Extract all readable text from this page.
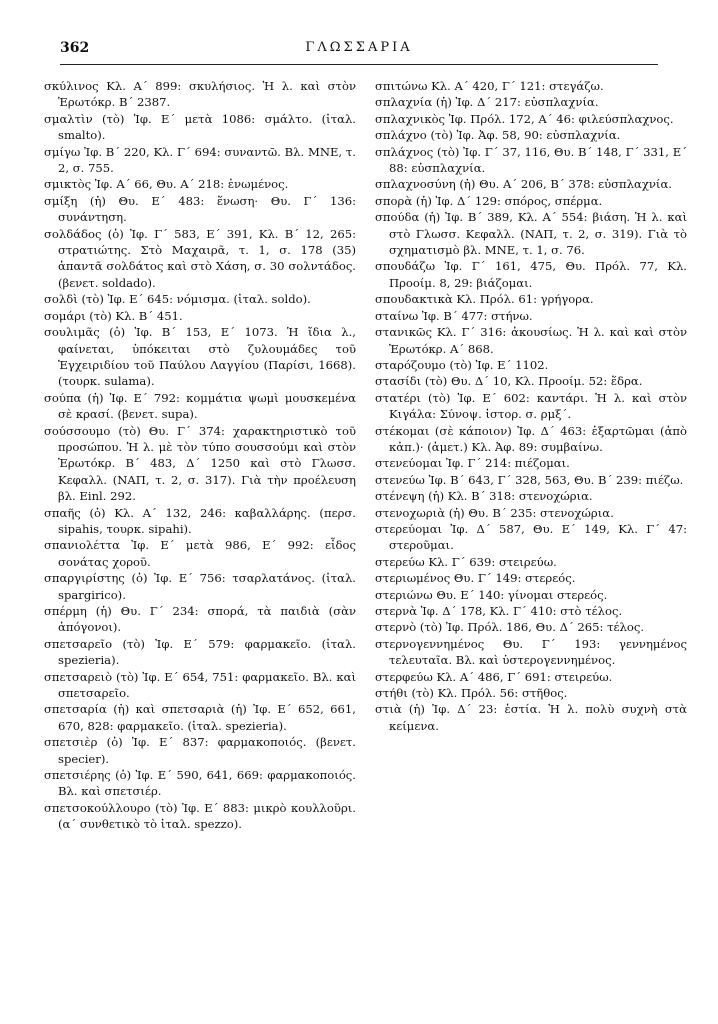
362	ΓΛΩΣΣΑΡΙΑ

σκύλινος Κλ. Α΄ 899: σκυλήσιος. Ἡ λ. καὶ στὸν Ἐρωτόκρ. Β΄ 2387.

σμαλτὶν (τὸ) Ἰφ. Ε΄ μετὰ 1086: σμάλτο. (ἰταλ. smalto).

σμίγω Ἰφ. Β΄ 220, Κλ. Γ΄ 694: συναντῶ. Βλ. ΜΝΕ, τ. 2, σ. 755.

σμικτὸς Ἰφ. Α΄ 66, Θυ. Α΄ 218: ἑνωμένος.

σμίξη (ἡ) Θυ. Ε΄ 483: ἕνωση· Θυ. Γ΄ 136: συνάντηση.

σολδάδος (ὁ) Ἰφ. Γ΄ 583, Ε΄ 391, Κλ. Β΄ 12, 265: στρατιώτης. Στὸ Μαχαιρᾶ, τ. 1, σ. 178 (35) ἀπαντᾶ σολδάτος καὶ στὸ Χάση, σ. 30 σολντάδος. (βενετ. soldado).

σολδὶ (τὸ) Ἰφ. Ε΄ 645: νόμισμα. (ἰταλ. soldo).

σομάρι (τὸ) Κλ. Β΄ 451.

σουλιμᾶς (ὁ) Ἰφ. Β΄ 153, Ε΄ 1073. Ἡ ἴδια λ., φαίνεται, ὑπόκειται στὸ ζυλουμάδες τοῦ Ἐγχειριδίου τοῦ Παύλου Λαγγίου (Παρίσι, 1668). (τουρκ. sulama).

σούπα (ἡ) Ἰφ. Ε΄ 792: κομμάτια ψωμὶ μουσκεμένα σὲ κρασί. (βενετ. supa).

σούσσουμο (τὸ) Θυ. Γ΄ 374: χαρακτηριστικὸ τοῦ προσώπου. Ἡ λ. μὲ τὸν τύπο σουσσούμι καὶ στὸν Ἐρωτόκρ. Β΄ 483, Δ΄ 1250 καὶ στὸ Γλωσσ. Κεφαλλ. (ΝΑΠ, τ. 2, σ. 317). Γιὰ τὴν προέλευση βλ. Einl. 292.

σπαῆς (ὁ) Κλ. Α΄ 132, 246: καβαλλάρης. (περσ. sipahis, τουρκ. sipahi).

σπανιολέττα Ἰφ. Ε΄ μετὰ 986, Ε΄ 992: εἶδος σονάτας χοροῦ.

σπαργιρίστης (ὁ) Ἰφ. Ε΄ 756: τσαρλατάνος. (ἰταλ. spargirico).

σπέρμη (ἡ) Θυ. Γ΄ 234: σπορά, τὰ παιδιὰ (σὰν ἀπόγονοι).

σπετσαρεῖο (τὸ) Ἰφ. Ε΄ 579: φαρμακεῖο. (ἰταλ. spezieria).

σπετσαρειὸ (τὸ) Ἰφ. Ε΄ 654, 751: φαρμακεῖο. Βλ. καὶ σπετσαρεῖο.

σπετσαρία (ἡ) καὶ σπετσαριὰ (ἡ) Ἰφ. Ε΄ 652, 661, 670, 828: φαρμακεῖο. (ἰταλ. spezieria).

σπετσιὲρ (ὁ) Ἰφ. Ε΄ 837: φαρμακοποιός. (βενετ. specier).

σπετσιέρης (ὁ) Ἰφ. Ε΄ 590, 641, 669: φαρμακοποιός. Βλ. καὶ σπετσιέρ.

σπετσοκούλλουρο (τὸ) Ἰφ. Ε΄ 883: μικρὸ κουλλοῦρι. (α΄ συνθετικὸ τὸ ἰταλ. spezzo).

σπιτώνω Κλ. Α΄ 420, Γ΄ 121: στεγάζω.

σπλαχνία (ἡ) Ἰφ. Δ΄ 217: εὐσπλαχνία.

σπλαχνικὸς Ἰφ. Πρόλ. 172, Α΄ 46: φιλεύσπλαχνος.

σπλάχνο (τὸ) Ἰφ. Ἀφ. 58, 90: εὐσπλαχνία.

σπλάχνος (τὸ) Ἰφ. Γ΄ 37, 116, Θυ. Β΄ 148, Γ΄ 331, Ε΄ 88: εὐσπλαχνία.

σπλαχνοσύνη (ἡ) Θυ. Α΄ 206, Β΄ 378: εὐσπλαχνία.

σπορὰ (ἡ) Ἰφ. Δ΄ 129: σπόρος, σπέρμα.

σπούδα (ἡ) Ἰφ. Β΄ 389, Κλ. Α΄ 554: βιάση. Ἡ λ. καὶ στὸ Γλωσσ. Κεφαλλ. (ΝΑΠ, τ. 2, σ. 319). Γιὰ τὸ σχηματισμὸ βλ. ΜΝΕ, τ. 1, σ. 76.

σπουδάζω Ἰφ. Γ΄ 161, 475, Θυ. Πρόλ. 77, Κλ. Προοίμ. 8, 29: βιάζομαι.

σπουδακτικὰ Κλ. Πρόλ. 61: γρήγορα.

σταίνω Ἰφ. Β΄ 477: στήνω.

στανικῶς Κλ. Γ΄ 316: ἀκουσίως. Ἡ λ. καὶ καὶ στὸν Ἐρωτόκρ. Α΄ 868.

σταρόζουμο (τὸ) Ἰφ. Ε΄ 1102.

στασίδι (τὸ) Θυ. Δ΄ 10, Κλ. Προοίμ. 52: ἕδρα.

στατέρι (τὸ) Ἰφ. Ε΄ 602: καντάρι. Ἡ λ. καὶ στὸν Κιγάλα: Σύνοψ. ἱστορ. σ. ρμξ΄.

στέκομαι (σὲ κάποιον) Ἰφ. Δ΄ 463: ἐξαρτῶμαι (ἀπὸ κἀπ.)· (ἀμετ.) Κλ. Ἀφ. 89: συμβαίνω.

στενεύομαι Ἰφ. Γ΄ 214: πιέζομαι.

στενεύω Ἰφ. Β΄ 643, Γ΄ 328, 563, Θυ. Β΄ 239: πιέζω.

στένεψη (ἡ) Κλ. Β΄ 318: στενοχώρια.

στενοχωριὰ (ἡ) Θυ. Β΄ 235: στενοχώρια.

στερεύομαι Ἰφ. Δ΄ 587, Θυ. Ε΄ 149, Κλ. Γ΄ 47: στεροῦμαι.

στερεύω Κλ. Γ΄ 639: στειρεύω.

στεριωμένος Θυ. Γ΄ 149: στερεός.

στεριώνω Θυ. Ε΄ 140: γίνομαι στερεός.

στερνὰ Ἰφ. Δ΄ 178, Κλ. Γ΄ 410: στὸ τέλος.

στερνὸ (τὸ) Ἰφ. Πρόλ. 186, Θυ. Δ΄ 265: τέλος.

στερνογεννημένος Θυ. Γ΄ 193: γεννημένος τελευταῖα. Βλ. καὶ ὑστερογεννημένος.

στερφεύω Κλ. Α΄ 486, Γ΄ 691: στειρεύω.

στήθι (τὸ) Κλ. Πρόλ. 56: στῆθος.

στιὰ (ἡ) Ἰφ. Δ΄ 23: ἑστία. Ἡ λ. πολὺ συχνὴ στὰ κείμενα.
